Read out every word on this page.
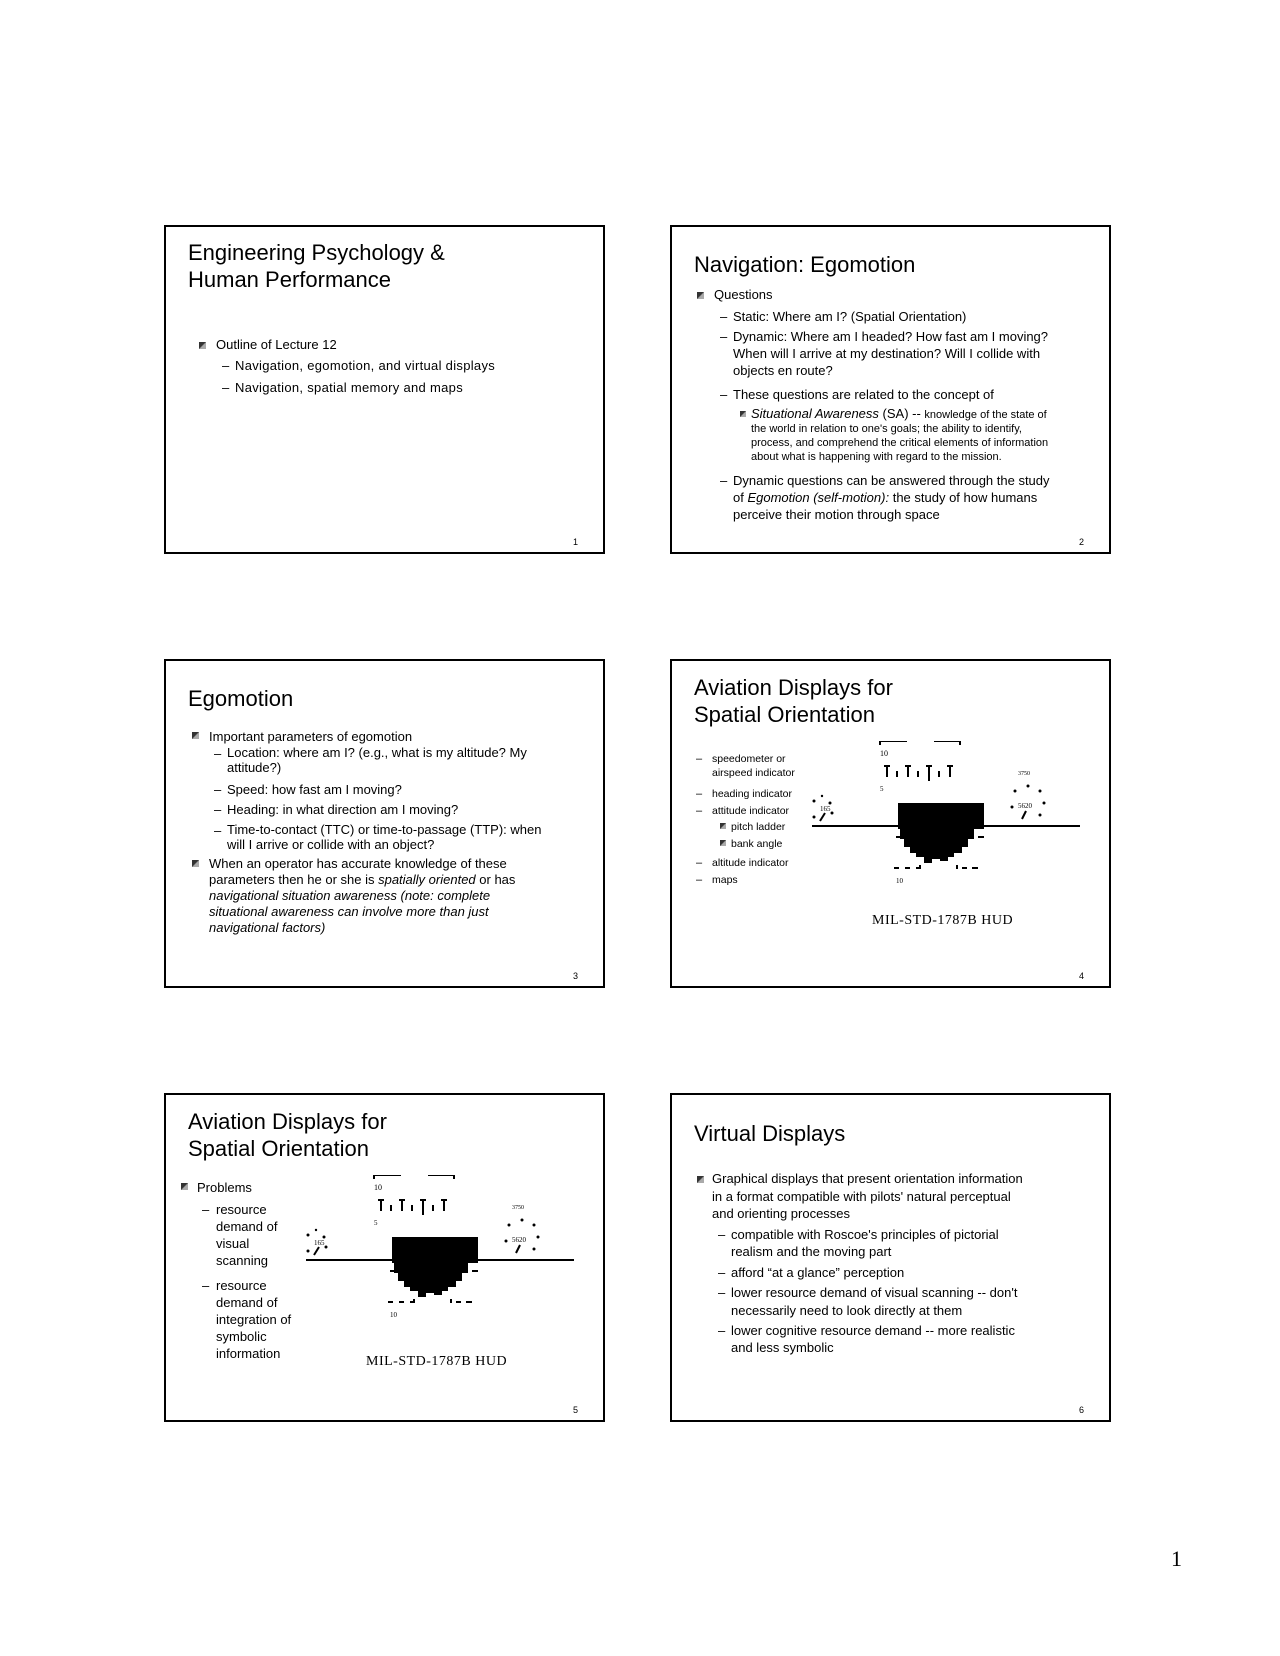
Engineering Psychology &
Human Performance
Outline of Lecture 12
– Navigation, egomotion, and virtual displays
– Navigation, spatial memory and maps
1
Navigation: Egomotion
Questions
– Static: Where am I? (Spatial Orientation)
– Dynamic: Where am I headed? How fast am I moving?
When will I arrive at my destination? Will I collide with
objects en route?
– These questions are related to the concept of
Situational Awareness (SA) -- knowledge of the state of
the world in relation to one's goals; the ability to identify,
process, and comprehend the critical elements of information
about what is happening with regard to the mission.
– Dynamic questions can be answered through the study
of Egomotion (self-motion): the study of how humans
perceive their motion through space
2
Egomotion
Important parameters of egomotion
– Location: where am I? (e.g., what is my altitude? My
attitude?)
– Speed: how fast am I moving?
– Heading: in what direction am I moving?
– Time-to-contact (TTC) or time-to-passage (TTP): when
will I arrive or collide with an object?
When an operator has accurate knowledge of these
parameters then he or she is spatially oriented or has
navigational situation awareness (note: complete
situational awareness can involve more than just
navigational factors)
3
Aviation Displays for
Spatial Orientation
– speedometer or
airspeed indicator
– heading indicator
– attitude indicator
pitch ladder
bank angle
– altitude indicator
– maps
10
5
3750
165	5620
10
MIL-STD-1787B HUD
4
Aviation Displays for
Spatial Orientation
Problems
– resource
demand of
visual
scanning
– resource
demand of
integration of
symbolic
information
10
5
3750
165	5620
10
MIL-STD-1787B HUD
5
Virtual Displays
Graphical displays that present orientation information
in a format compatible with pilots' natural perceptual
and orienting processes
– compatible with Roscoe's principles of pictorial
realism and the moving part
– afford “at a glance” perception
– lower resource demand of visual scanning -- don't
necessarily need to look directly at them
– lower cognitive resource demand -- more realistic
and less symbolic
6
1
